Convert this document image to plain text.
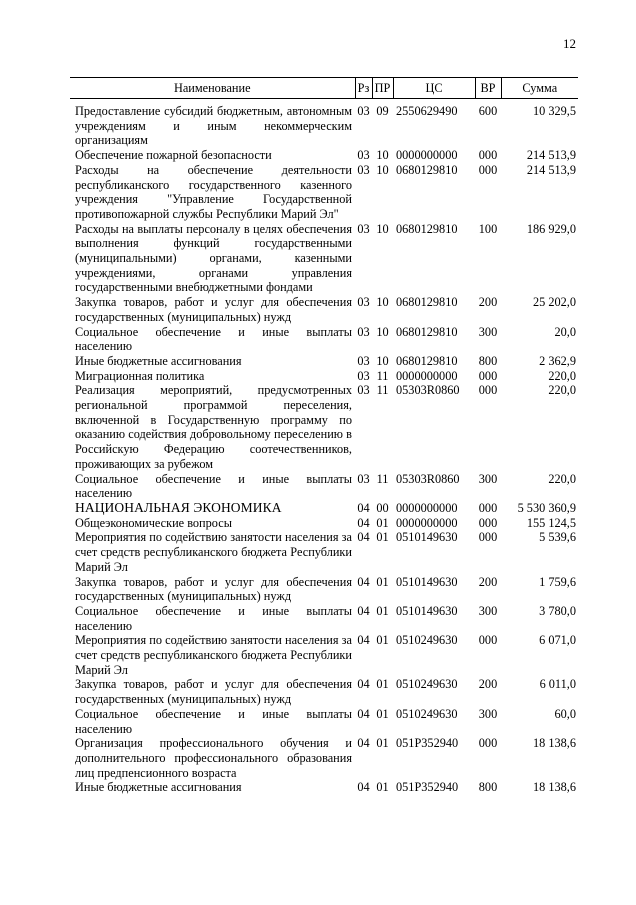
12
Наименование	Рз	ПР	ЦС	ВР	Сумма

Предоставление субсидий бюджетным, автономным учреждениям и иным некоммерческим организациям	03	09	2550629490	600	10 329,5
Обеспечение пожарной безопасности	03	10	0000000000	000	214 513,9
Расходы на обеспечение деятельности республиканского государственного казенного учреждения "Управление Государственной противопожарной службы Республики Марий Эл"	03	10	0680129810	000	214 513,9
Расходы на выплаты персоналу в целях обеспечения выполнения функций государственными (муниципальными) органами, казенными учреждениями, органами управления государственными внебюджетными фондами	03	10	0680129810	100	186 929,0
Закупка товаров, работ и услуг для обеспечения государственных (муниципальных) нужд	03	10	0680129810	200	25 202,0
Социальное обеспечение и иные выплаты населению	03	10	0680129810	300	20,0
Иные бюджетные ассигнования	03	10	0680129810	800	2 362,9
Миграционная политика	03	11	0000000000	000	220,0
Реализация мероприятий, предусмотренных региональной программой переселения, включенной в Государственную программу по оказанию содействия добровольному переселению в Российскую Федерацию соотечественников, проживающих за рубежом	03	11	05303R0860	000	220,0
Социальное обеспечение и иные выплаты населению	03	11	05303R0860	300	220,0
НАЦИОНАЛЬНАЯ ЭКОНОМИКА	04	00	0000000000	000	5 530 360,9
Общеэкономические вопросы	04	01	0000000000	000	155 124,5
Мероприятия по содействию занятости населения за счет средств республиканского бюджета Республики Марий Эл	04	01	0510149630	000	5 539,6
Закупка товаров, работ и услуг для обеспечения государственных (муниципальных) нужд	04	01	0510149630	200	1 759,6
Социальное обеспечение и иные выплаты населению	04	01	0510149630	300	3 780,0
Мероприятия по содействию занятости населения за счет средств республиканского бюджета Республики Марий Эл	04	01	0510249630	000	6 071,0
Закупка товаров, работ и услуг для обеспечения государственных (муниципальных) нужд	04	01	0510249630	200	6 011,0
Социальное обеспечение и иные выплаты населению	04	01	0510249630	300	60,0
Организация профессионального обучения и дополнительного профессионального образования лиц предпенсионного возраста	04	01	051P352940	000	18 138,6
Иные бюджетные ассигнования	04	01	051P352940	800	18 138,6
